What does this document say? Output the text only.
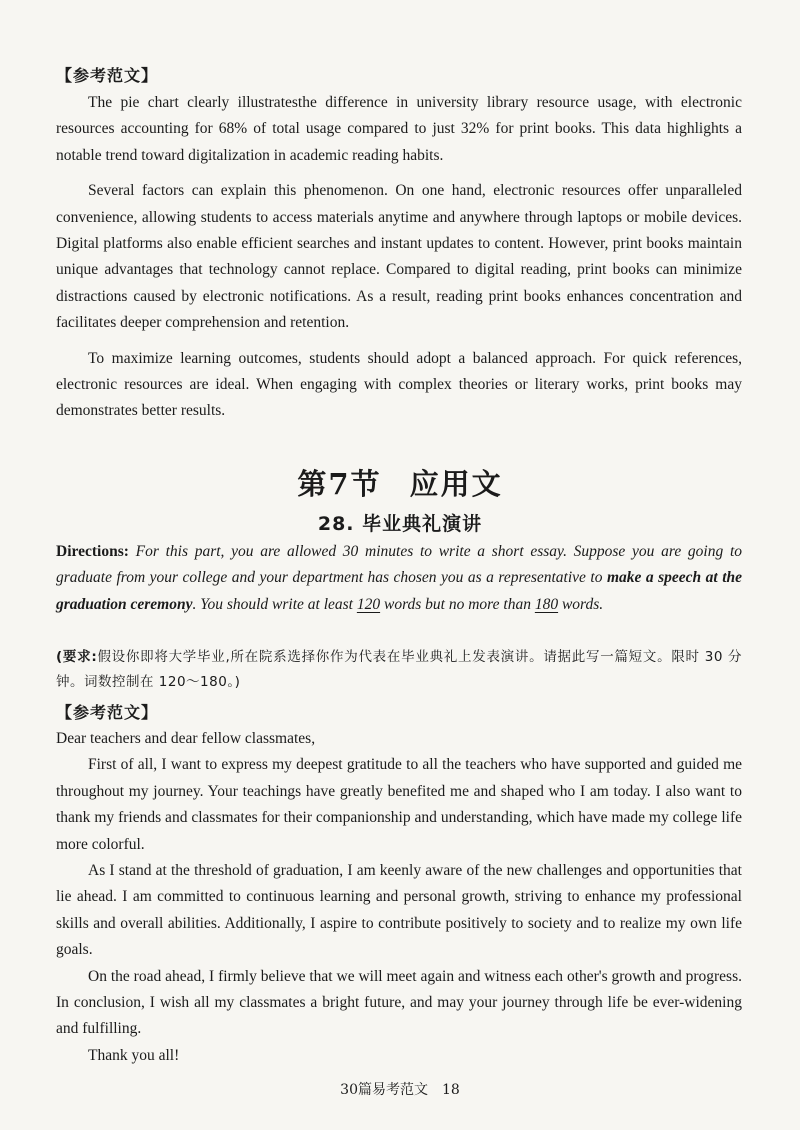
【参考范文】

The pie chart clearly illustratesthe difference in university library resource usage, with electronic resources accounting for 68% of total usage compared to just 32% for print books. This data highlights a notable trend toward digitalization in academic reading habits.

Several factors can explain this phenomenon. On one hand, electronic resources offer unparalleled convenience, allowing students to access materials anytime and anywhere through laptops or mobile devices. Digital platforms also enable efficient searches and instant updates to content. However, print books maintain unique advantages that technology cannot replace. Compared to digital reading, print books can minimize distractions caused by electronic notifications. As a result, reading print books enhances concentration and facilitates deeper comprehension and retention.

To maximize learning outcomes, students should adopt a balanced approach. For quick references, electronic resources are ideal. When engaging with complex theories or literary works, print books may demonstrates better results.

第7节 应用文
28. 毕业典礼演讲

Directions: For this part, you are allowed 30 minutes to write a short essay. Suppose you are going to graduate from your college and your department has chosen you as a representative to make a speech at the graduation ceremony. You should write at least 120 words but no more than 180 words.

(要求:假设你即将大学毕业,所在院系选择你作为代表在毕业典礼上发表演讲。请据此写一篇短文。限时 30 分钟。词数控制在 120～180。)
【参考范文】

Dear teachers and dear fellow classmates,

First of all, I want to express my deepest gratitude to all the teachers who have supported and guided me throughout my journey. Your teachings have greatly benefited me and shaped who I am today. I also want to thank my friends and classmates for their companionship and understanding, which have made my college life more colorful.

As I stand at the threshold of graduation, I am keenly aware of the new challenges and opportunities that lie ahead. I am committed to continuous learning and personal growth, striving to enhance my professional skills and overall abilities. Additionally, I aspire to contribute positively to society and to realize my own life goals.

On the road ahead, I firmly believe that we will meet again and witness each other's growth and progress. In conclusion, I wish all my classmates a bright future, and may your journey through life be ever-widening and fulfilling.

Thank you all!

30篇易考范文 18
